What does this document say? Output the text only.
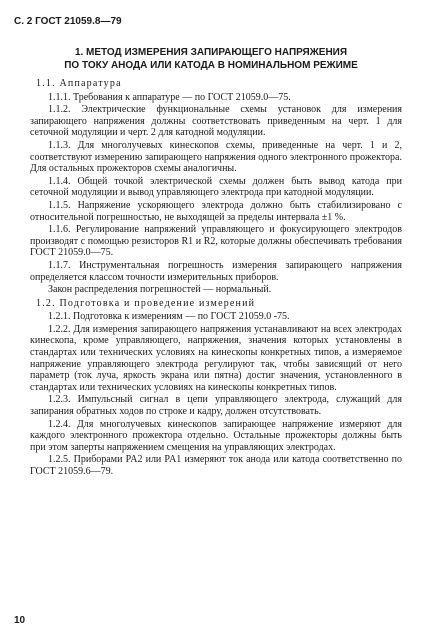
С. 2 ГОСТ 21059.8—79
1. МЕТОД ИЗМЕРЕНИЯ ЗАПИРАЮЩЕГО НАПРЯЖЕНИЯ
ПО ТОКУ АНОДА ИЛИ КАТОДА В НОМИНАЛЬНОМ РЕЖИМЕ

1.1. Аппаратура

1.1.1. Требования к аппаратуре — по ГОСТ 21059.0—75.

1.1.2. Электрические функциональные схемы установок для измерения запирающего напряжения должны соответствовать приведенным на черт. 1 для сеточной модуляции и черт. 2 для катодной модуляции.

1.1.3. Для многолучевых кинескопов схемы, приведенные на черт. 1 и 2, соответствуют измерению запирающего напряжения одного электронного прожектора. Для остальных прожекторов схемы аналогичны.

1.1.4. Общей точкой электрической схемы должен быть вывод катода при сеточной модуляции и вывод управляющего электрода при катодной модуляции.

1.1.5. Напряжение ускоряющего электрода должно быть стабилизировано с относительной погрешностью, не выходящей за пределы интервала ±1 %.

1.1.6. Регулирование напряжений управляющего и фокусирующего электродов производят с помощью резисторов R1 и R2, которые должны обеспечивать требования ГОСТ 21059.0—75.

1.1.7. Инструментальная погрешность измерения запирающего напряжения определяется классом точности измерительных приборов.

Закон распределения погрешностей — нормальный.

1.2. Подготовка и проведение измерений

1.2.1. Подготовка к измерениям — по ГОСТ 21059.0 -75.

1.2.2. Для измерения запирающего напряжения устанавливают на всех электродах кинескопа, кроме управляющего, напряжения, значения которых установлены в стандартах или технических условиях на кинескопы конкретных типов, а измеряемое напряжение управляющего электрода регулируют так, чтобы зависящий от него параметр (ток луча, яркость экрана или пятна) достиг значения, установленного в стандартах или технических условиях на кинескопы конкретных типов.

1.2.3. Импульсный сигнал в цепи управляющего электрода, служащий для запирания обратных ходов по строке и кадру, должен отсутствовать.

1.2.4. Для многолучевых кинескопов запирающее напряжение измеряют для каждого электронного прожектора отдельно. Остальные прожекторы должны быть при этом заперты напряжением смещения на управляющих электродах.

1.2.5. Приборами PA2 или PA1 измеряют ток анода или катода соответственно по ГОСТ 21059.6—79.

10
